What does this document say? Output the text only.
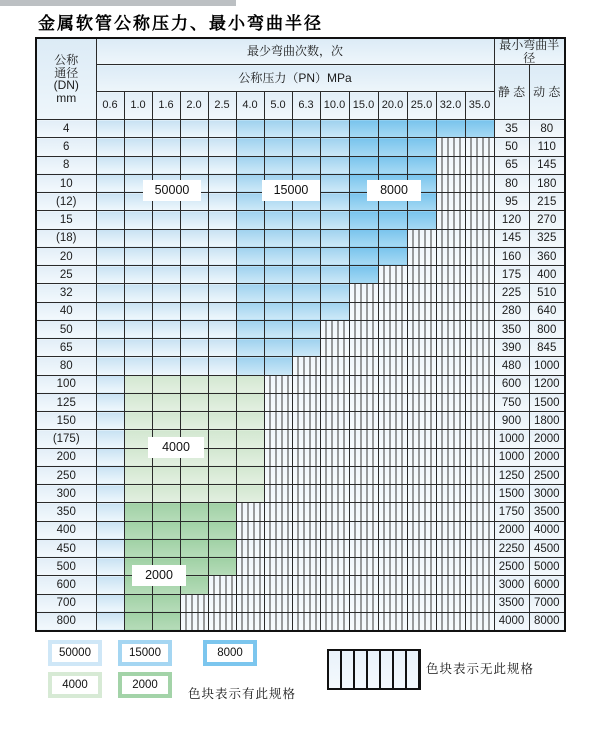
金属软管公称压力、最小弯曲半径
公称
通径
(DN)
mm	最少弯曲次数，次														最小弯曲半径	
	公称压力（PN）MPa														静 态	动 态
	0.6	1.0	1.6	2.0	2.5	4.0	5.0	6.3	10.0	15.0	20.0	25.0	32.0	35.0		
4															35	80
6															50	110
8															65	145
10															80	180
(12)															95	215
15															120	270
(18)															145	325
20															160	360
25															175	400
32															225	510
40															280	640
50															350	800
65															390	845
80															480	1000
100															600	1200
125															750	1500
150															900	1800
(175)															1000	2000
200															1000	2000
250															1250	2500
300															1500	3000
350															1750	3500
400															2000	4000
450															2250	4500
500															2500	5000
600															3000	6000
700															3500	7000
800															4000	8000
50000	15000	8000
4000
2000
50000	15000	8000
4000	2000
色块表示有此规格
色块表示无此规格
